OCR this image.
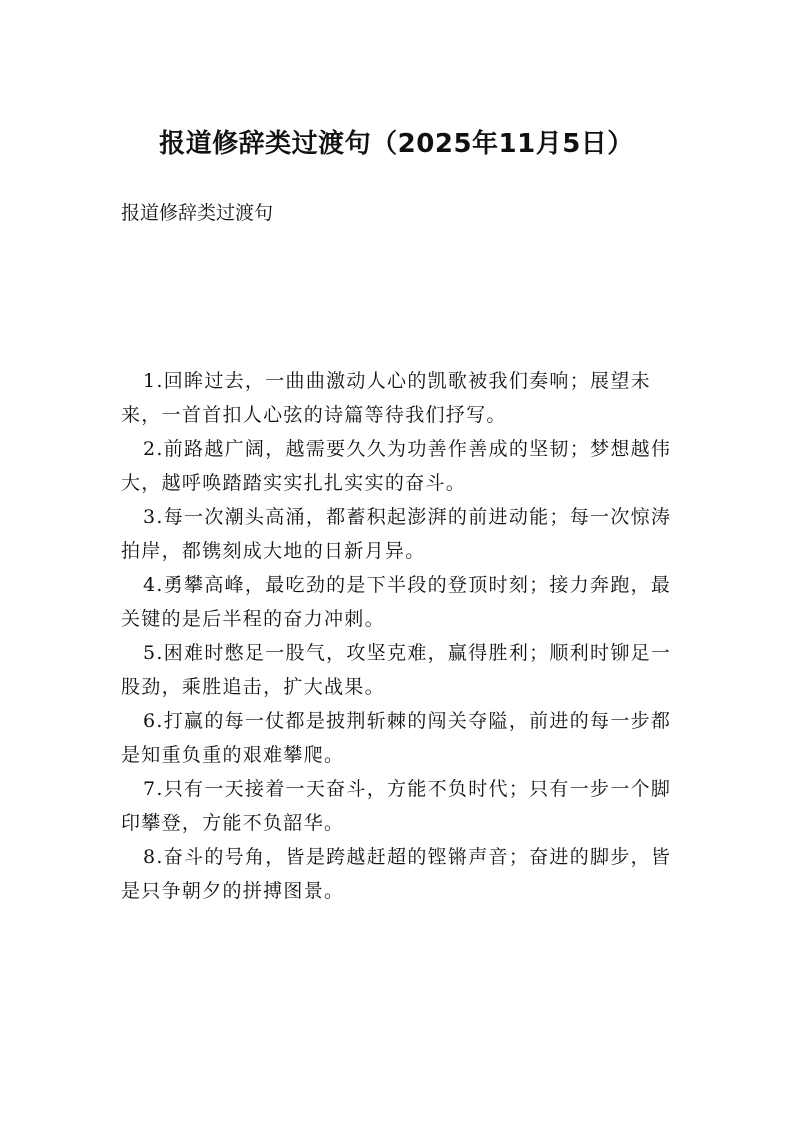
报道修辞类过渡句（2025年11月5日）

报道修辞类过渡句

1.回眸过去，一曲曲激动人心的凯歌被我们奏响；展望未来，一首首扣人心弦的诗篇等待我们抒写。

2.前路越广阔，越需要久久为功善作善成的坚韧；梦想越伟大，越呼唤踏踏实实扎扎实实的奋斗。

3.每一次潮头高涌，都蓄积起澎湃的前进动能；每一次惊涛拍岸，都镌刻成大地的日新月异。

4.勇攀高峰，最吃劲的是下半段的登顶时刻；接力奔跑，最关键的是后半程的奋力冲刺。

5.困难时憋足一股气，攻坚克难，赢得胜利；顺利时铆足一股劲，乘胜追击，扩大战果。

6.打赢的每一仗都是披荆斩棘的闯关夺隘，前进的每一步都是知重负重的艰难攀爬。

7.只有一天接着一天奋斗，方能不负时代；只有一步一个脚印攀登，方能不负韶华。

8.奋斗的号角，皆是跨越赶超的铿锵声音；奋进的脚步，皆是只争朝夕的拼搏图景。
